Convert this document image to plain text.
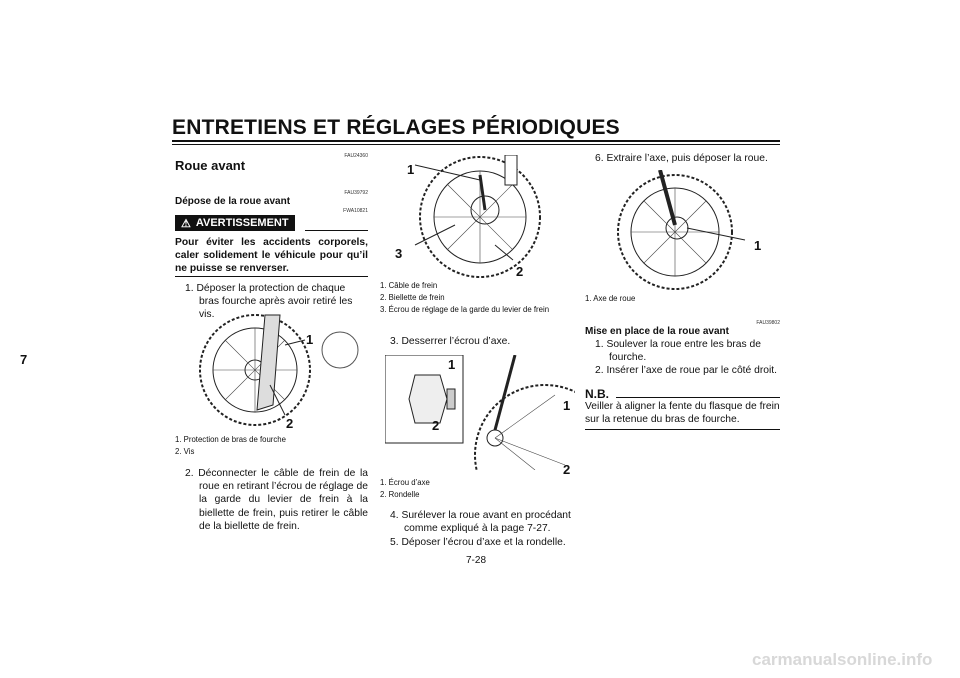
ENTRETIENS ET RÉGLAGES PÉRIODIQUES
7
FAU24360
Roue avant
FAU39792
Dépose de la roue avant
FWA10821
⚠ AVERTISSEMENT
Pour éviter les accidents corporels, caler solidement le véhicule pour qu’il ne puisse se renverser.
1. Déposer la protection de chaque bras fourche après avoir retiré les vis.
1
2
1. Protection de bras de fourche
2. Vis
2. Déconnecter le câble de frein de la roue en retirant l’écrou de réglage de la garde du levier de frein à la biellette de frein, puis retirer le câble de la biellette de frein.
1
3
2
1. Câble de frein
2. Biellette de frein
3. Écrou de réglage de la garde du levier de frein
3. Desserrer l’écrou d’axe.
1
2
1
2
1. Écrou d’axe
2. Rondelle
4. Surélever la roue avant en procédant comme expliqué à la page 7-27.
5. Déposer l’écrou d’axe et la rondelle.
6. Extraire l’axe, puis déposer la roue.
1
1. Axe de roue
FAU39802
Mise en place de la roue avant
1. Soulever la roue entre les bras de fourche.
2. Insérer l’axe de roue par le côté droit.
N.B.
Veiller à aligner la fente du flasque de frein sur la retenue du bras de fourche.
7-28
carmanualsonline.info
